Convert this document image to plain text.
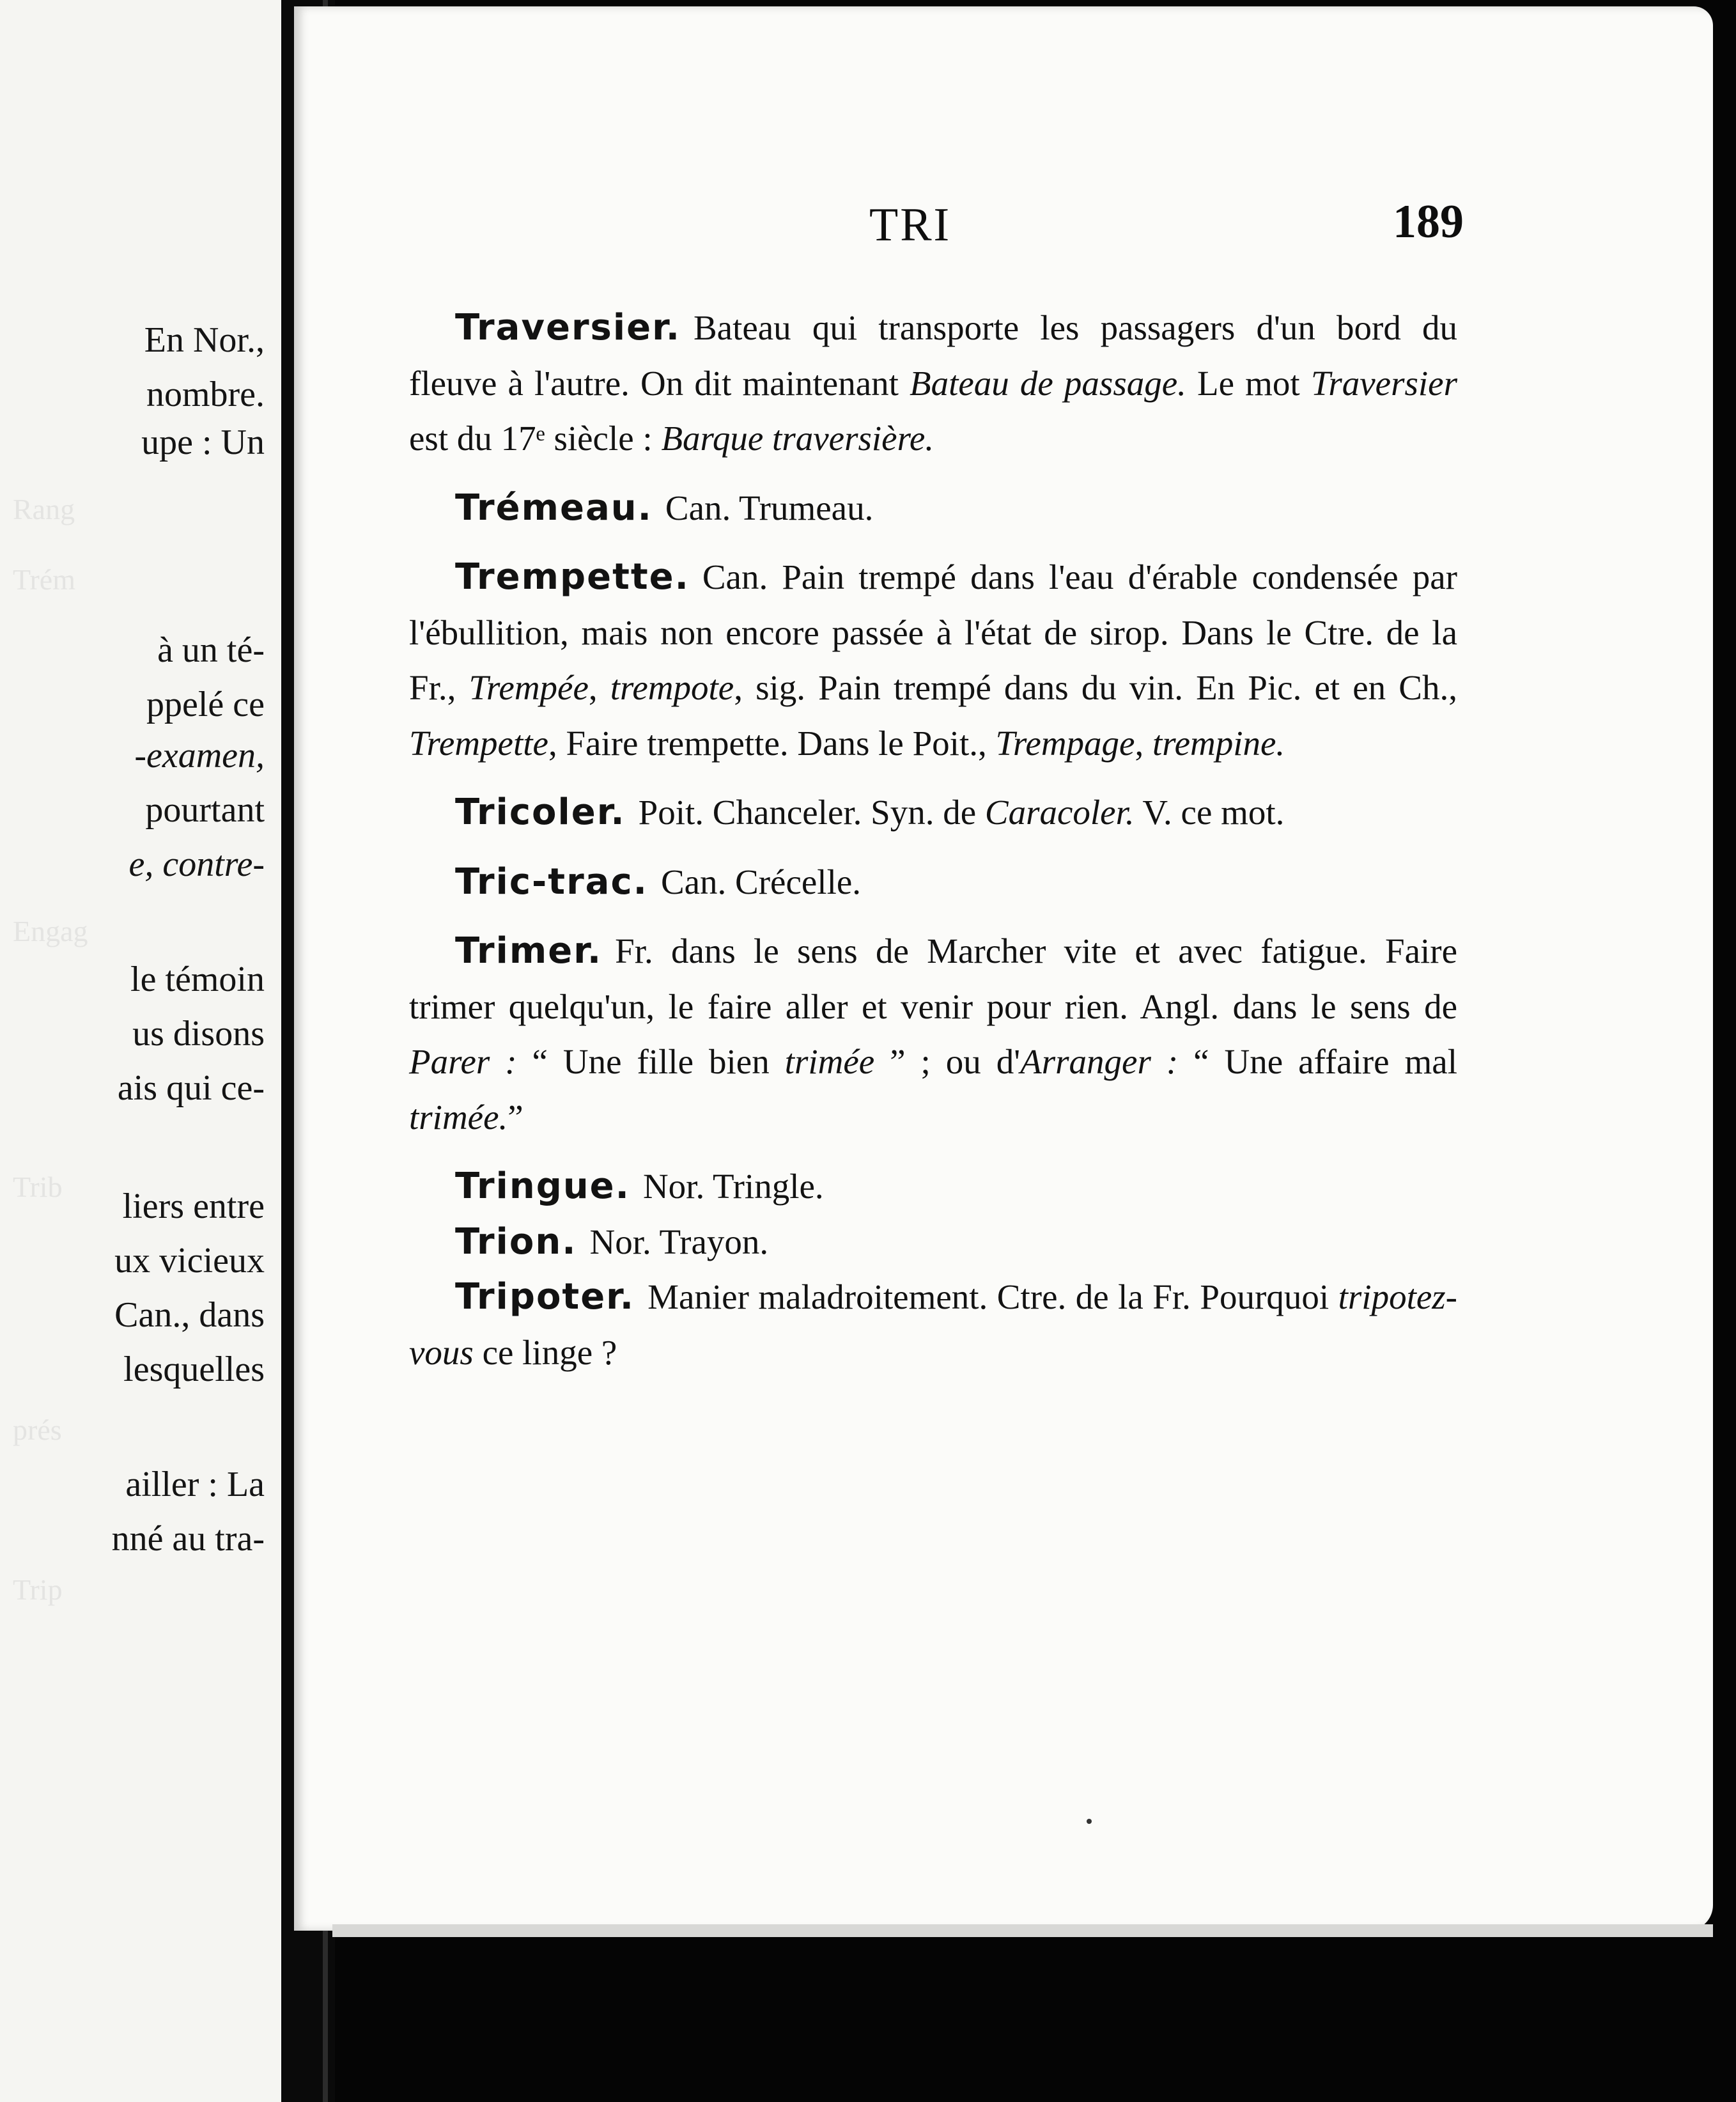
Rang
Trém
Engag
Trib
prés
Trip
En Nor.,
nombre.
upe : Un
à un té-
ppelé ce
-examen,
pourtant
e, contre-
le témoin
us disons
ais qui ce-
liers entre
ux vicieux
Can., dans
lesquelles
ailler : La
nné au tra-
TRI	189

Traversier. Bateau qui transporte les passagers d'un bord du fleuve à l'autre. On dit maintenant Bateau de passage. Le mot Traversier est du 17ᵉ siècle : Barque traversière.

Trémeau. Can. Trumeau.

Trempette. Can. Pain trempé dans l'eau d'érable condensée par l'ébullition, mais non encore passée à l'état de sirop. Dans le Ctre. de la Fr., Trempée, trempote, sig. Pain trempé dans du vin. En Pic. et en Ch., Trempette, Faire trempette. Dans le Poit., Trempage, trempine.

Tricoler. Poit. Chanceler. Syn. de Caracoler. V. ce mot.

Tric-trac. Can. Crécelle.

Trimer. Fr. dans le sens de Marcher vite et avec fatigue. Faire trimer quelqu'un, le faire aller et venir pour rien. Angl. dans le sens de Parer : “ Une fille bien trimée ” ; ou d'Arranger : “ Une affaire mal trimée.”

Tringue. Nor. Tringle.

Trion. Nor. Trayon.

Tripoter. Manier maladroitement. Ctre. de la Fr. Pourquoi tripotez-vous ce linge ?
